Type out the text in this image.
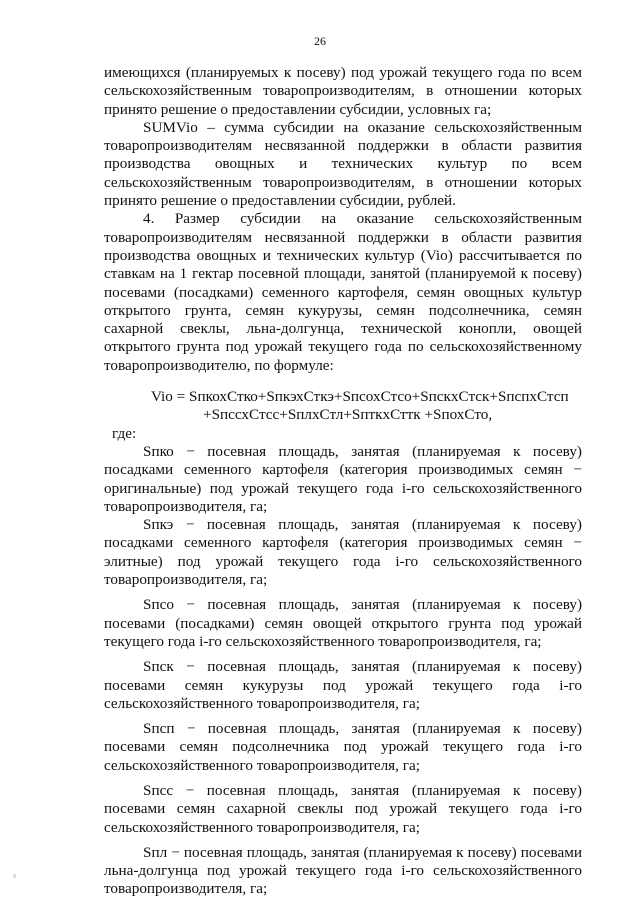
26

имеющихся (планируемых к посеву) под урожай текущего года по всем сельскохозяйственным товаропроизводителям, в отношении которых принято решение о предоставлении субсидии, условных га;

SUMVio – сумма субсидии на оказание сельскохозяйственным товаропроизводителям несвязанной поддержки в области развития производства овощных и технических культур по всем сельскохозяйственным товаропроизводителям, в отношении которых принято решение о предоставлении субсидии, рублей.

4. Размер субсидии на оказание сельскохозяйственным товаропроизводителям несвязанной поддержки в области развития производства овощных и технических культур (Vio) рассчитывается по ставкам на 1 гектар посевной площади, занятой (планируемой к посеву) посевами (посадками) семенного картофеля, семян овощных культур открытого грунта, семян кукурузы, семян подсолнечника, семян сахарной свеклы, льна-долгунца, технической конопли, овощей открытого грунта под урожай текущего года по сельскохозяйственному товаропроизводителю, по формуле:

Vio = SпкохСтко+SпкэхСткэ+SпсохСтсо+SпскхСтск+SпспхСтсп
+SпссхСтсс+SплхСтл+SпткхСттк +SпохСто,

где:

Sпко − посевная площадь, занятая (планируемая к посеву) посадками семенного картофеля (категория производимых семян − оригинальные) под урожай текущего года i-го сельскохозяйственного товаропроизводителя, га;

Sпкэ − посевная площадь, занятая (планируемая к посеву) посадками семенного картофеля (категория производимых семян − элитные) под урожай текущего года i-го сельскохозяйственного товаропроизводителя, га;

Sпсо − посевная площадь, занятая (планируемая к посеву) посевами (посадками) семян овощей открытого грунта под урожай текущего года i-го сельскохозяйственного товаропроизводителя, га;

Sпск − посевная площадь, занятая (планируемая к посеву) посевами семян кукурузы под урожай текущего года i-го сельскохозяйственного товаропроизводителя, га;

Sпсп − посевная площадь, занятая (планируемая к посеву) посевами семян подсолнечника под урожай текущего года i-го сельскохозяйственного товаропроизводителя, га;

Sпсс − посевная площадь, занятая (планируемая к посеву) посевами семян сахарной свеклы под урожай текущего года i-го сельскохозяйственного товаропроизводителя, га;

Sпл − посевная площадь, занятая (планируемая к посеву) посевами льна-долгунца под урожай текущего года i-го сельскохозяйственного товаропроизводителя, га;
